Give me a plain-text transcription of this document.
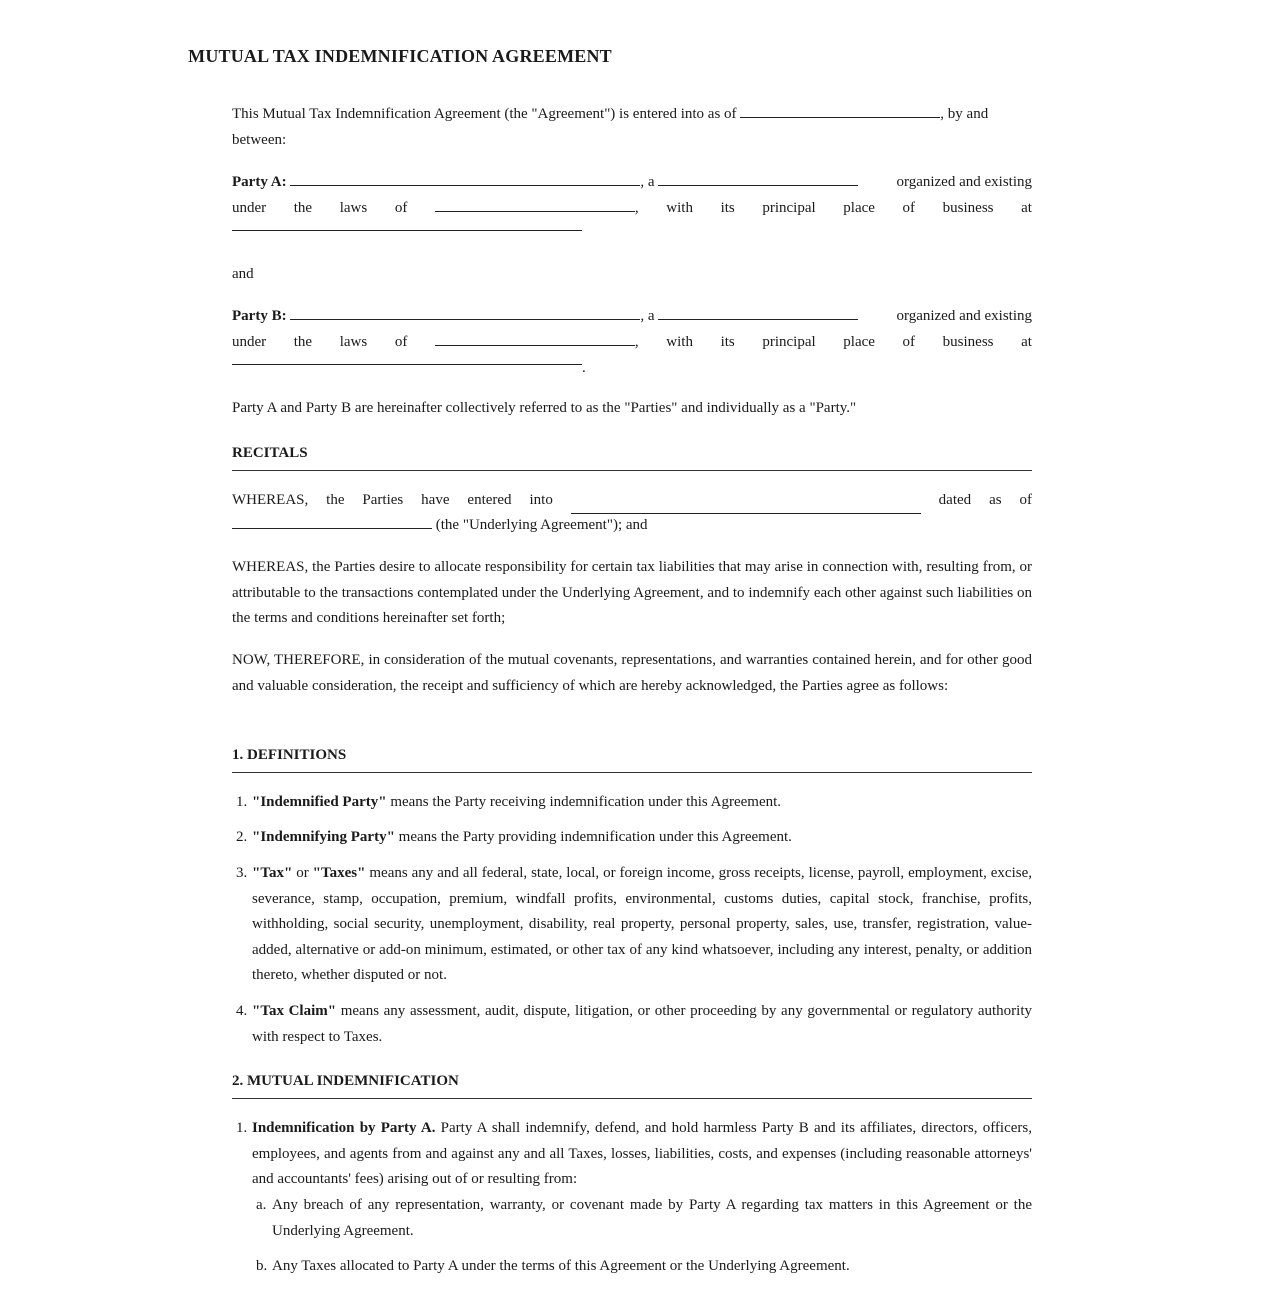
MUTUAL TAX INDEMNIFICATION AGREEMENT

This Mutual Tax Indemnification Agreement (the "Agreement") is entered into as of	, by and

between:

Party A:	, a	organized and existing
under the laws of	, with its principal place of business at

and

Party B:	, a	organized and existing
under the laws of	, with its principal place of business at
.

Party A and Party B are hereinafter collectively referred to as the "Parties" and individually as a "Party."

RECITALS
WHEREAS, the Parties have entered into	dated as of

(the "Underlying Agreement"); and

WHEREAS, the Parties desire to allocate responsibility for certain tax liabilities that may arise in connection with, resulting from, or attributable to the transactions contemplated under the Underlying Agreement, and to indemnify each other against such liabilities on the terms and conditions hereinafter set forth;

NOW, THEREFORE, in consideration of the mutual covenants, representations, and warranties contained herein, and for other good and valuable consideration, the receipt and sufficiency of which are hereby acknowledged, the Parties agree as follows:

1. DEFINITIONS
1. "Indemnified Party" means the Party receiving indemnification under this Agreement.
2. "Indemnifying Party" means the Party providing indemnification under this Agreement.
3. "Tax" or "Taxes" means any and all federal, state, local, or foreign income, gross receipts, license, payroll, employment, excise, severance, stamp, occupation, premium, windfall profits, environmental, customs duties, capital stock, franchise, profits, withholding, social security, unemployment, disability, real property, personal property, sales, use, transfer, registration, value-added, alternative or add-on minimum, estimated, or other tax of any kind whatsoever, including any interest, penalty, or addition thereto, whether disputed or not.
4. "Tax Claim" means any assessment, audit, dispute, litigation, or other proceeding by any governmental or regulatory authority with respect to Taxes.
2. MUTUAL INDEMNIFICATION
1. Indemnification by Party A. Party A shall indemnify, defend, and hold harmless Party B and its affiliates, directors, officers, employees, and agents from and against any and all Taxes, losses, liabilities, costs, and expenses (including reasonable attorneys' and accountants' fees) arising out of or resulting from:
a. Any breach of any representation, warranty, or covenant made by Party A regarding tax matters in this Agreement or the Underlying Agreement.
b. Any Taxes allocated to Party A under the terms of this Agreement or the Underlying Agreement.
